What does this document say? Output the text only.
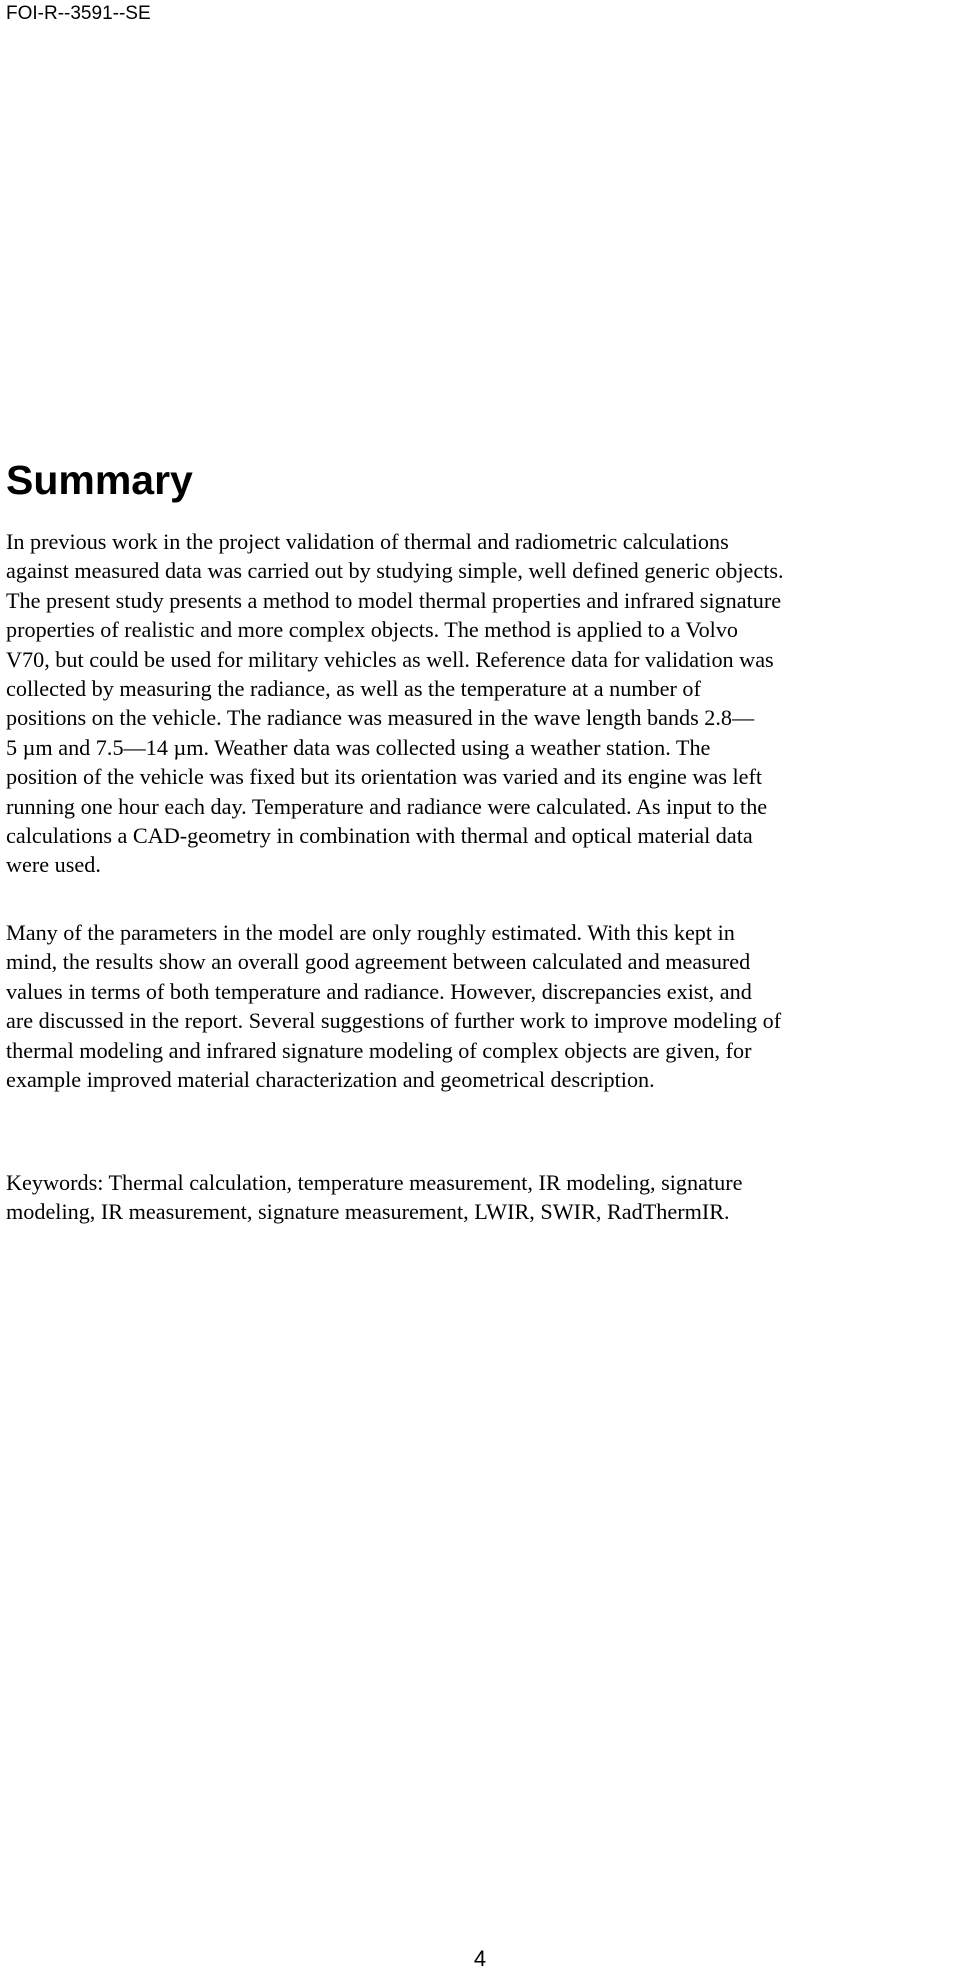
FOI-R--3591--SE
Summary

In previous work in the project validation of thermal and radiometric calculations
against measured data was carried out by studying simple, well defined generic objects.
The present study presents a method to model thermal properties and infrared signature
properties of realistic and more complex objects. The method is applied to a Volvo
V70, but could be used for military vehicles as well. Reference data for validation was
collected by measuring the radiance, as well as the temperature at a number of
positions on the vehicle. The radiance was measured in the wave length bands 2.8—
5 µm and 7.5—14 µm. Weather data was collected using a weather station. The
position of the vehicle was fixed but its orientation was varied and its engine was left
running one hour each day. Temperature and radiance were calculated. As input to the
calculations a CAD-geometry in combination with thermal and optical material data
were used.

Many of the parameters in the model are only roughly estimated. With this kept in
mind, the results show an overall good agreement between calculated and measured
values in terms of both temperature and radiance. However, discrepancies exist, and
are discussed in the report. Several suggestions of further work to improve modeling of
thermal modeling and infrared signature modeling of complex objects are given, for
example improved material characterization and geometrical description.

Keywords: Thermal calculation, temperature measurement, IR modeling, signature
modeling, IR measurement, signature measurement, LWIR, SWIR, RadThermIR.

4
